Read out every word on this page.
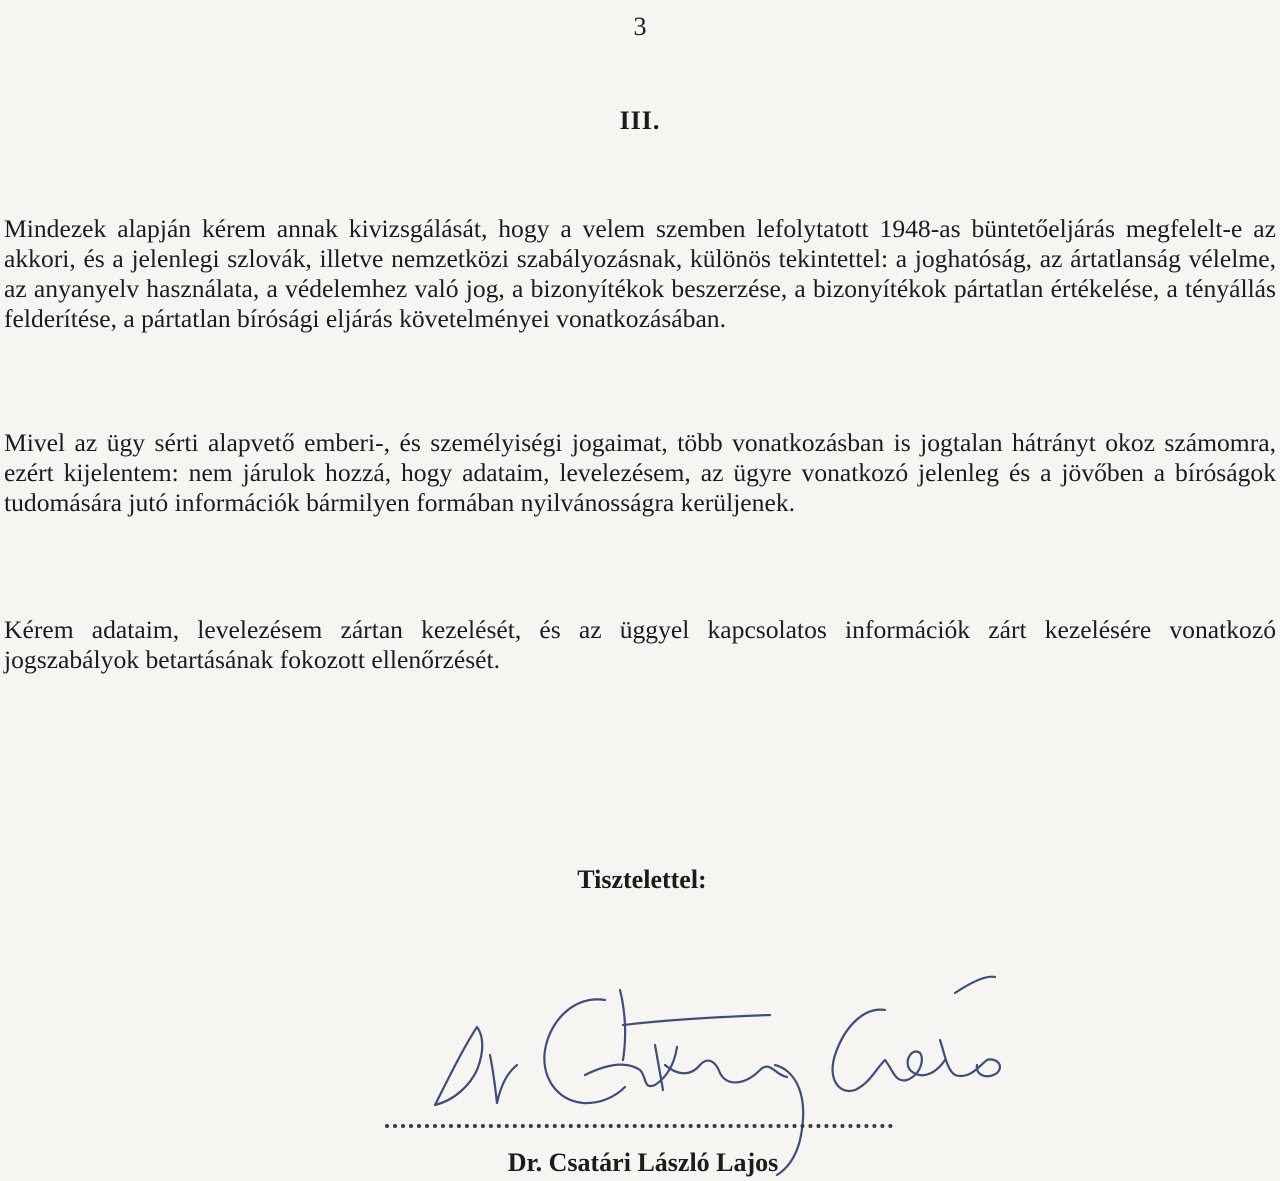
3
III.

Mindezek alapján kérem annak kivizsgálását, hogy a velem szemben lefolytatott 1948-as büntetőeljárás megfelelt-e az akkori, és a jelenlegi szlovák, illetve nemzetközi szabályozásnak, különös tekintettel: a joghatóság, az ártatlanság vélelme, az anyanyelv használata, a védelemhez való jog, a bizonyítékok beszerzése, a bizonyítékok pártatlan értékelése, a tényállás felderítése, a pártatlan bírósági eljárás követelményei vonatkozásában.

Mivel az ügy sérti alapvető emberi-, és személyiségi jogaimat, több vonatkozásban is jogtalan hátrányt okoz számomra, ezért kijelentem: nem járulok hozzá, hogy adataim, levelezésem, az ügyre vonatkozó jelenleg és a jövőben a bíróságok tudomására jutó információk bármilyen formában nyilvánosságra kerüljenek.

Kérem adataim, levelezésem zártan kezelését, és az üggyel kapcsolatos információk zárt kezelésére vonatkozó jogszabályok betartásának fokozott ellenőrzését.

Tisztelettel:
Dr. Csatári László Lajos
